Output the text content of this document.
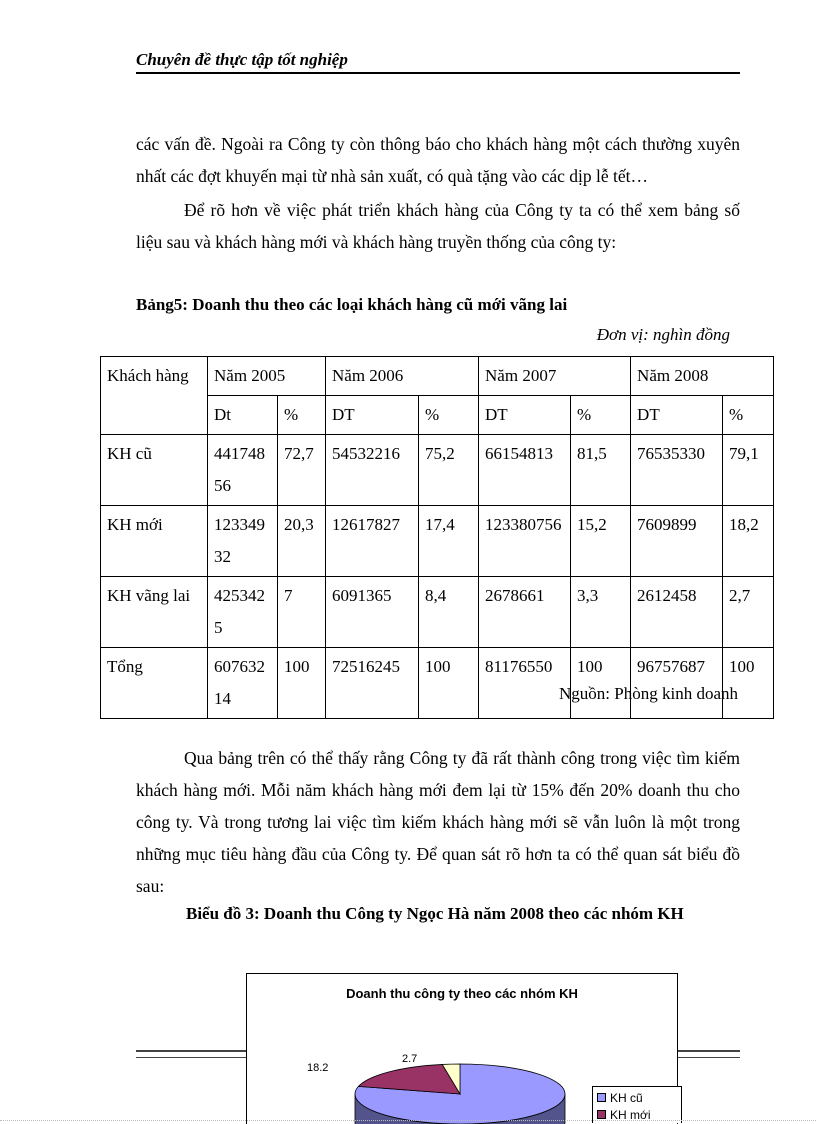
Chuyên đề thực tập tốt nghiệp
các vấn đề. Ngoài ra Công ty còn thông báo cho khách hàng một cách thường xuyên nhất các đợt khuyến mại từ nhà sản xuất, có quà tặng vào các dịp lễ tết…
Để rõ hơn về việc phát triển khách hàng của Công ty ta có thể xem bảng số liệu sau và khách hàng mới và khách hàng truyền thống của công ty:
Bảng5: Doanh thu theo các loại khách hàng cũ mới vãng lai
Đơn vị: nghìn đồng
Khách hàng	Năm 2005		Năm 2006		Năm 2007		Năm 2008	
	Dt	%	DT	%	DT	%	DT	%
KH cũ	44174856	72,7	54532216	75,2	66154813	81,5	76535330	79,1
KH mới	12334932	20,3	12617827	17,4	123380756	15,2	7609899	18,2
KH vãng lai	4253425	7	6091365	8,4	2678661	3,3	2612458	2,7
Tổng	60763214	100	72516245	100	81176550	100	96757687	100
Nguồn: Phòng kinh doanh
Qua bảng trên có thể thấy rằng Công ty đã rất thành công trong việc tìm kiếm khách hàng mới. Mỗi năm khách hàng mới đem lại từ 15% đến 20% doanh thu cho công ty. Và trong tương lai việc tìm kiếm khách hàng mới sẽ vẫn luôn là một trong những mục tiêu hàng đầu của Công ty. Để quan sát rõ hơn ta có thể quan sát biểu đồ sau:
Biểu đồ 3: Doanh thu Công ty Ngọc Hà năm 2008 theo các nhóm KH
Doanh thu công ty theo các nhóm KH
18.2
2.7
KH cũ
KH mới
